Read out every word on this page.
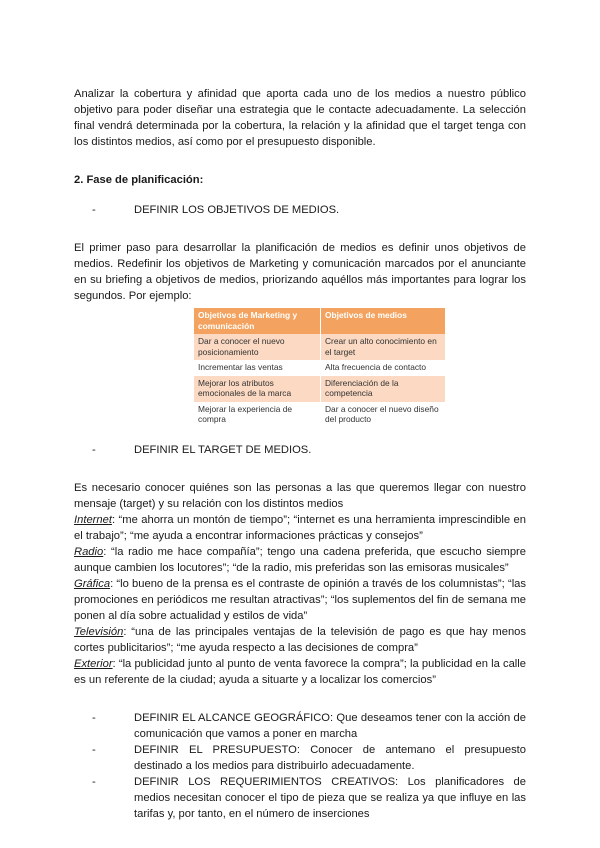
Analizar la cobertura y afinidad que aporta cada uno de los medios a nuestro público objetivo para poder diseñar una estrategia que le contacte adecuadamente. La selección final vendrá determinada por la cobertura, la relación y la afinidad que el target tenga con los distintos medios, así como por el presupuesto disponible.

2. Fase de planificación:

-	DEFINIR LOS OBJETIVOS DE MEDIOS.

El primer paso para desarrollar la planificación de medios es definir unos objetivos de medios. Redefinir los objetivos de Marketing y comunicación marcados por el anunciante en su briefing a objetivos de medios, priorizando aquéllos más importantes para lograr los segundos. Por ejemplo:

Objetivos de Marketing y comunicación	Objetivos de medios
Dar a conocer el nuevo posicionamiento	Crear un alto conocimiento en el target
Incrementar las ventas	Alta frecuencia de contacto
Mejorar los atributos emocionales de la marca	Diferenciación de la competencia
Mejorar la experiencia de compra	Dar a conocer el nuevo diseño del producto
-	DEFINIR EL TARGET DE MEDIOS.

Es necesario conocer quiénes son las personas a las que queremos llegar con nuestro mensaje (target) y su relación con los distintos medios

Internet: “me ahorra un montón de tiempo”; “internet es una herramienta imprescindible en el trabajo”; “me ayuda a encontrar informaciones prácticas y consejos”

Radio: “la radio me hace compañía”; tengo una cadena preferida, que escucho siempre aunque cambien los locutores”; “de la radio, mis preferidas son las emisoras musicales”

Gráfica: “lo bueno de la prensa es el contraste de opinión a través de los columnistas”; “las promociones en periódicos me resultan atractivas”; “los suplementos del fin de semana me ponen al día sobre actualidad y estilos de vida”

Televisión: “una de las principales ventajas de la televisión de pago es que hay menos cortes publicitarios”; “me ayuda respecto a las decisiones de compra”

Exterior: “la publicidad junto al punto de venta favorece la compra”; la publicidad en la calle es un referente de la ciudad; ayuda a situarte y a localizar los comercios”

-	DEFINIR EL ALCANCE GEOGRÁFICO: Que deseamos tener con la acción de comunicación que vamos a poner en marcha
-	DEFINIR EL PRESUPUESTO: Conocer de antemano el presupuesto destinado a los medios para distribuirlo adecuadamente.
-	DEFINIR LOS REQUERIMIENTOS CREATIVOS: Los planificadores de medios necesitan conocer el tipo de pieza que se realiza ya que influye en las tarifas y, por tanto, en el número de inserciones
